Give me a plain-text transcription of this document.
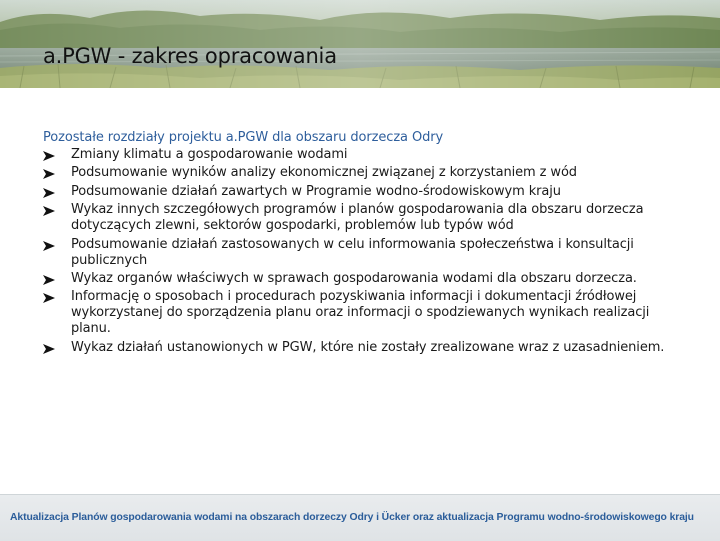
a.PGW - zakres opracowania
Pozostałe rozdziały projektu a.PGW dla obszaru dorzecza Odry
Zmiany klimatu a gospodarowanie wodami
Podsumowanie wyników analizy ekonomicznej związanej z korzystaniem z wód
Podsumowanie działań zawartych w Programie wodno-środowiskowym kraju
Wykaz innych szczegółowych programów i planów gospodarowania dla obszaru dorzecza dotyczących zlewni, sektorów gospodarki, problemów lub typów wód
Podsumowanie działań zastosowanych w celu informowania społeczeństwa i konsultacji publicznych
Wykaz organów właściwych w sprawach gospodarowania wodami dla obszaru dorzecza.
Informację o sposobach i procedurach pozyskiwania informacji i dokumentacji źródłowej wykorzystanej do sporządzenia planu oraz informacji o spodziewanych wynikach realizacji planu.
Wykaz działań ustanowionych w PGW, które nie zostały zrealizowane wraz z uzasadnieniem.
Aktualizacja Planów gospodarowania wodami na obszarach dorzeczy Odry i Ücker oraz aktualizacja Programu wodno-środowiskowego kraju
